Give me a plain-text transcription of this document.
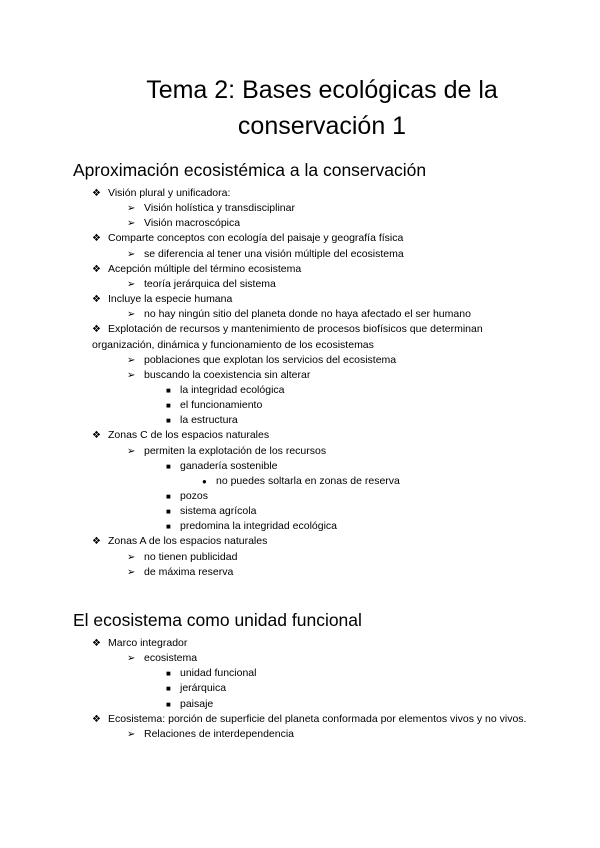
Tema 2: Bases ecológicas de la
conservación 1
Aproximación ecosistémica a la conservación
El ecosistema como unidad funcional
❖ Visión plural y unificadora:
➢ Visión holística y transdisciplinar
➢ Visión macroscópica
❖ Comparte conceptos con ecología del paisaje y geografía física
➢ se diferencia al tener una visión múltiple del ecosistema
❖ Acepción múltiple del término ecosistema
➢ teoría jerárquica del sistema
❖ Incluye la especie humana
➢ no hay ningún sitio del planeta donde no haya afectado el ser humano
❖ Explotación de recursos y mantenimiento de procesos biofísicos que determinan
organización, dinámica y funcionamiento de los ecosistemas
➢ poblaciones que explotan los servicios del ecosistema
➢ buscando la coexistencia sin alterar
■ la integridad ecológica
■ el funcionamiento
■ la estructura
❖ Zonas C de los espacios naturales
➢ permiten la explotación de los recursos
■ ganadería sostenible
● no puedes soltarla en zonas de reserva
■ pozos
■ sistema agrícola
■ predomina la integridad ecológica
❖ Zonas A de los espacios naturales
➢ no tienen publicidad
➢ de máxima reserva
❖ Marco integrador
➢ ecosistema
■ unidad funcional
■ jerárquica
■ paisaje
❖ Ecosistema: porción de superficie del planeta conformada por elementos vivos y no vivos.
➢ Relaciones de interdependencia
